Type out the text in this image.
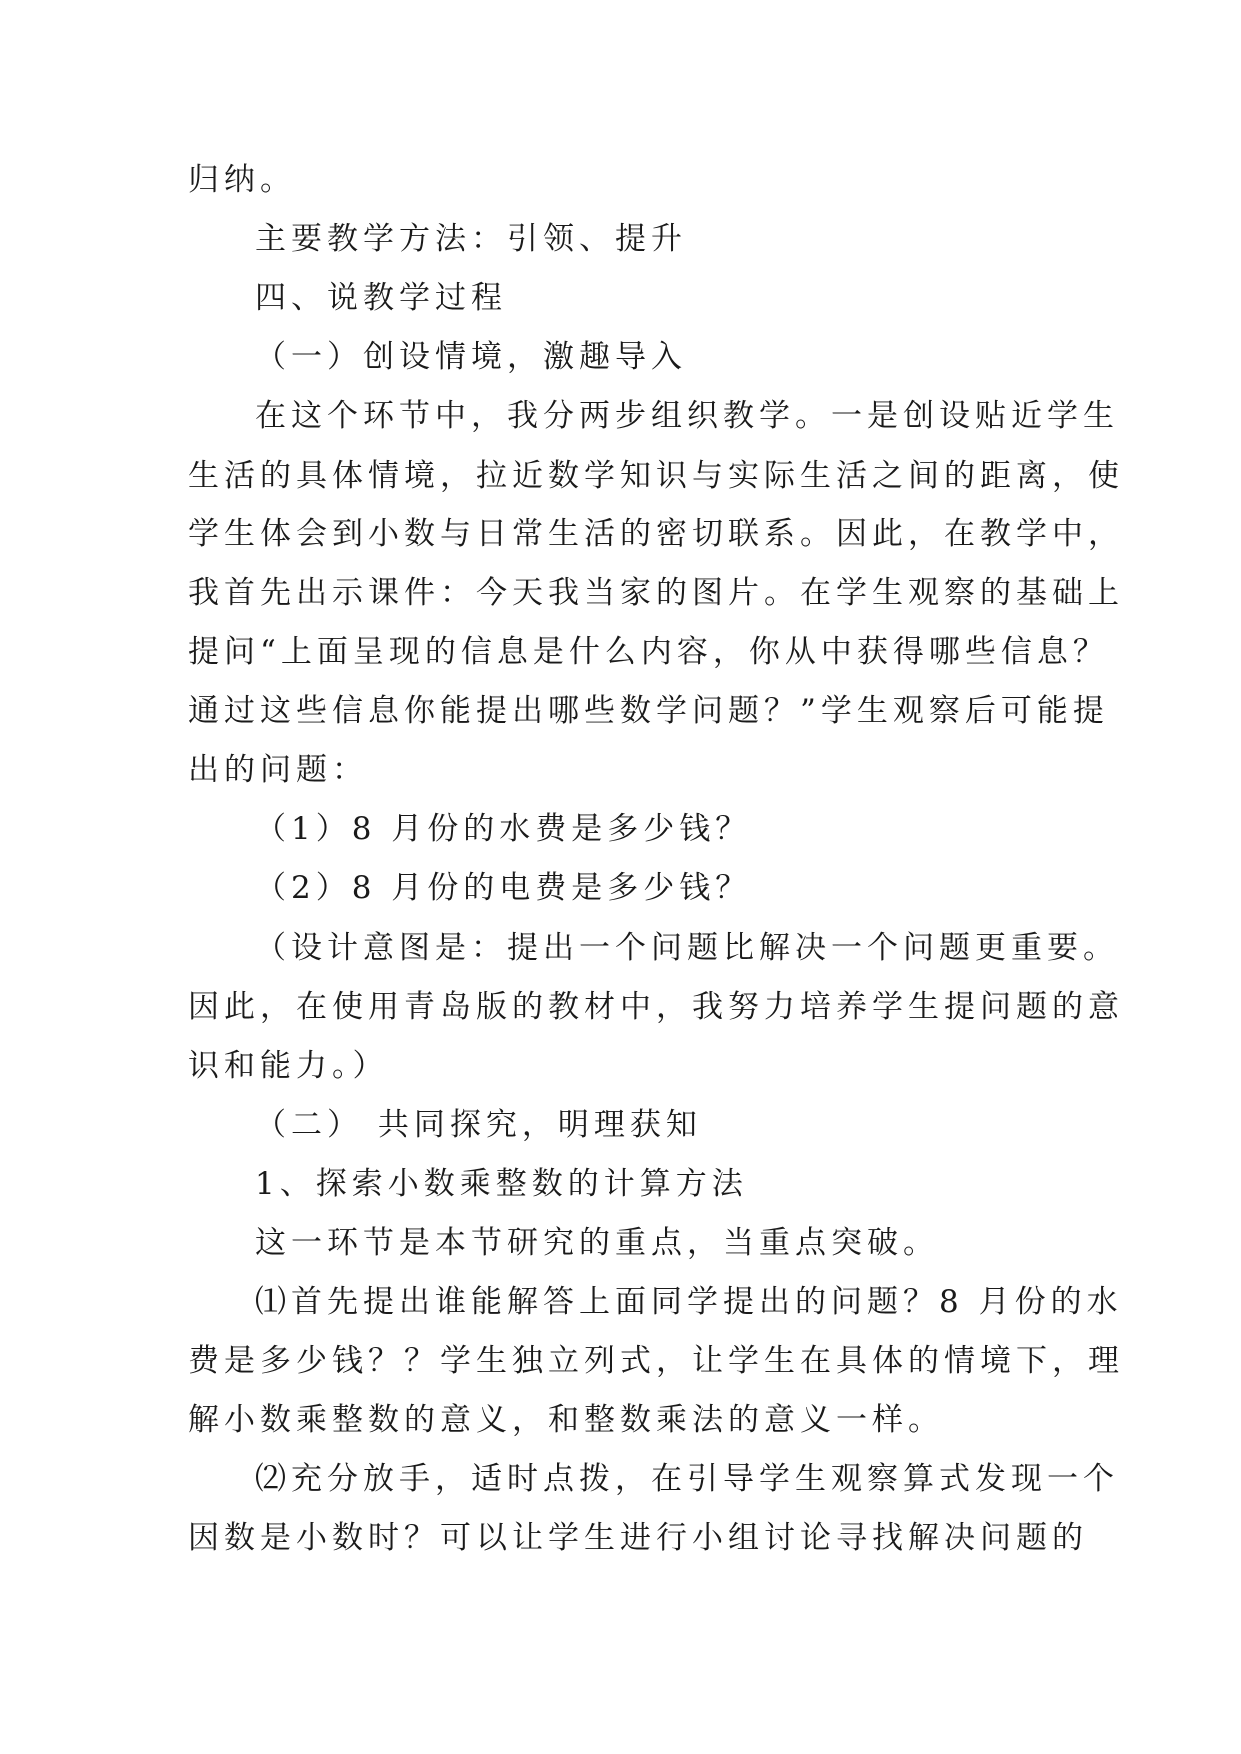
归纳。
主要教学方法：引领、提升
四、说教学过程
（一）创设情境，激趣导入
在这个环节中，我分两步组织教学。一是创设贴近学生
生活的具体情境，拉近数学知识与实际生活之间的距离，使
学生体会到小数与日常生活的密切联系。因此，在教学中，
我首先出示课件：今天我当家的图片。在学生观察的基础上
提问“上面呈现的信息是什么内容，你从中获得哪些信息？
通过这些信息你能提出哪些数学问题？”学生观察后可能提
出的问题：
（1）8 月份的水费是多少钱？
（2）8 月份的电费是多少钱？
（设计意图是：提出一个问题比解决一个问题更重要。
因此，在使用青岛版的教材中，我努力培养学生提问题的意
识和能力。）
（二） 共同探究，明理获知
1、探索小数乘整数的计算方法
这一环节是本节研究的重点，当重点突破。
⑴首先提出谁能解答上面同学提出的问题？8 月份的水
费是多少钱？？学生独立列式，让学生在具体的情境下，理
解小数乘整数的意义，和整数乘法的意义一样。
⑵充分放手，适时点拨，在引导学生观察算式发现一个
因数是小数时？可以让学生进行小组讨论寻找解决问题的
